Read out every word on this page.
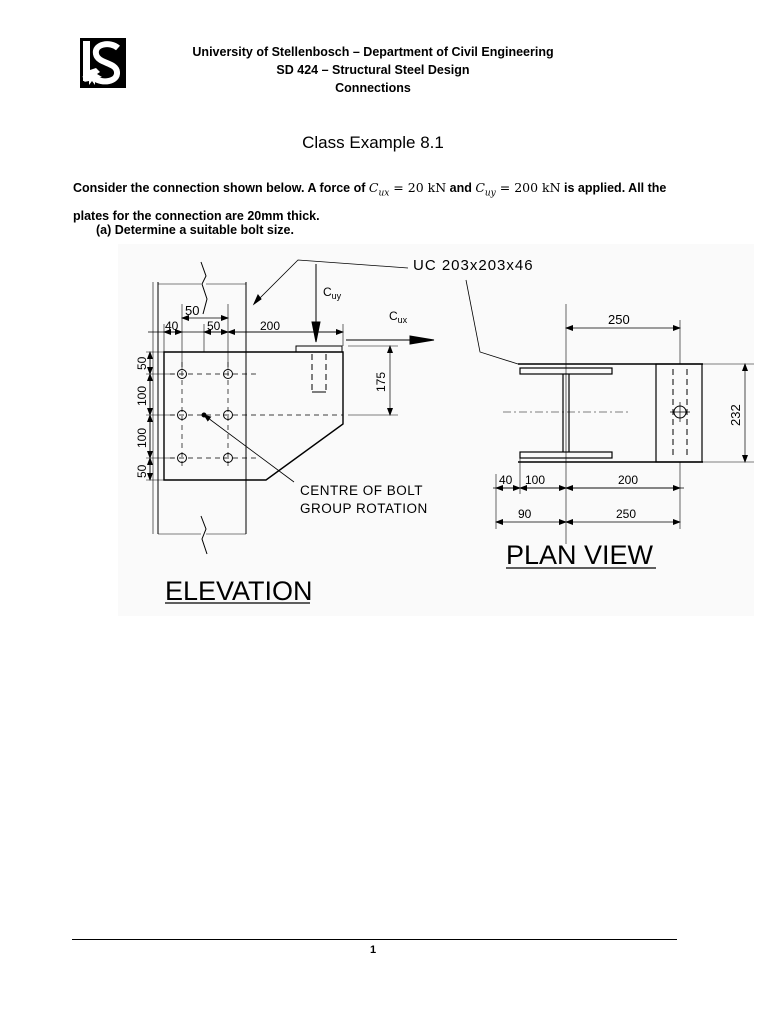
University of Stellenbosch – Department of Civil Engineering
SD 424 – Structural Steel Design
Connections
Class Example 8.1
Consider the connection shown below. A force of $C_{ux} = 20$ kN and $C_{uy} = 200$ kN is applied. All the plates for the connection are 20mm thick.
(a) Determine a suitable bolt size.
50
40 50	200
50
100
100
50
175
$C_{uy}$
$C_{ux}$
UC 203x203x46
CENTRE OF BOLT
GROUP ROTATION
ELEVATION
250
232
40 100	200
90	250
PLAN VIEW
1
